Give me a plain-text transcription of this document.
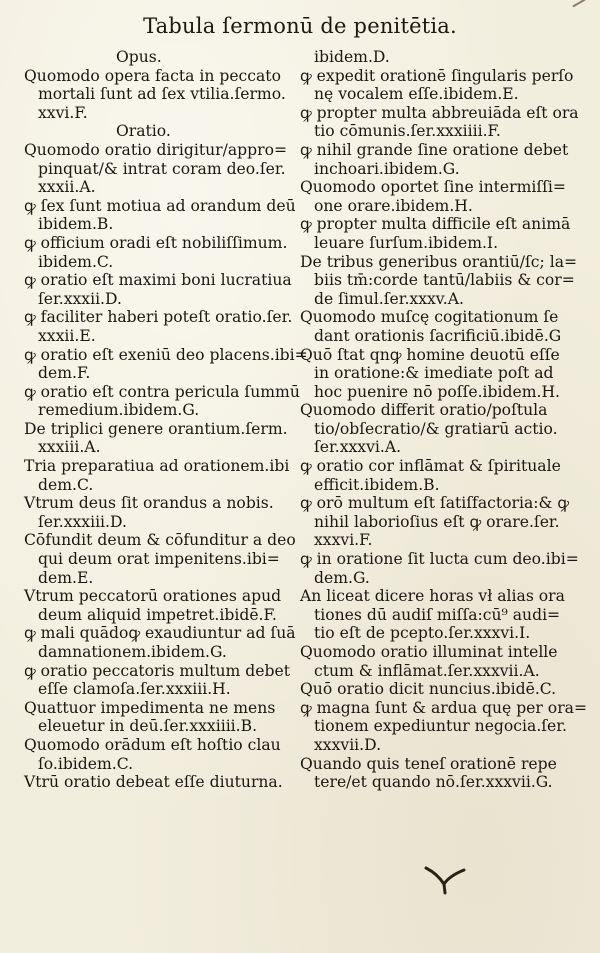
Tabula ſermonū de penitētia.
Opus.
Quomodo opera facta in peccato
mortali ſunt ad ſex vtilia.ſermo.
xxvi.F.
Oratio.
Quomodo oratio dirigitur/appro=
pinquat/& intrat coram deo.ſer.
xxxii.A.
ꝙ ſex ſunt motiua ad orandum deū
ibidem.B.
ꝙ officium oradi eſt nobiliſſimum.
ibidem.C.
ꝙ oratio eſt maximi boni lucratiua
ſer.xxxii.D.
ꝙ faciliter haberi poteſt oratio.ſer.
xxxii.E.
ꝙ oratio eſt exeniū deo placens.ibi=
dem.F.
ꝙ oratio eſt contra pericula ſummū
remedium.ibidem.G.
De triplici genere orantium.ſerm.
xxxiii.A.
Tria preparatiua ad orationem.ibi
dem.C.
Vtrum deus ſit orandus a nobis.
ſer.xxxiii.D.
Cōfundit deum & cōfunditur a deo
qui deum orat impenitens.ibi=
dem.E.
Vtrum peccatorū orationes apud
deum aliquid impetret.ibidē.F.
ꝙ mali quādoꝙ exaudiuntur ad ſuā
damnationem.ibidem.G.
ꝙ oratio peccatoris multum debet
eſſe clamoſa.ſer.xxxiii.H.
Quattuor impedimenta ne mens
eleuetur in deū.ſer.xxxiiii.B.
Quomodo orādum eſt hoſtio clau
ſo.ibidem.C.
Vtrū oratio debeat eſſe diuturna.
ibidem.D.
ꝙ expedit orationē ſingularis perſo
nę vocalem eſſe.ibidem.E.
ꝙ propter multa abbreuiāda eſt ora
tio cōmunis.ſer.xxxiiii.F.
ꝙ nihil grande ſine oratione debet
inchoari.ibidem.G.
Quomodo oportet ſine intermiſſi=
one orare.ibidem.H.
ꝙ propter multa difficile eſt animā
leuare ſurſum.ibidem.I.
De tribus generibus orantiū/ſc; la=
biis tm̄:corde tantū/labiis & cor=
de ſimul.ſer.xxxv.A.
Quomodo muſcę cogitationum ſe
dant orationis ſacrificiū.ibidē.G
Quō ſtat qnꝙ homine deuotū eſſe
in oratione:& imediate poſt ad
hoc puenire nō poſſe.ibidem.H.
Quomodo differit oratio/poſtula
tio/obſecratio/& gratiarū actio.
ſer.xxxvi.A.
ꝙ oratio cor inflāmat & ſpirituale
efficit.ibidem.B.
ꝙ orō multum eſt ſatiſfactoria:& ꝙ
nihil laborioſius eſt ꝙ orare.ſer.
xxxvi.F.
ꝙ in oratione ſit lucta cum deo.ibi=
dem.G.
An liceat dicere horas vł alias ora
tiones dū audiſ miſſa:cū⁹ audi=
tio eſt de pcepto.ſer.xxxvi.I.
Quomodo oratio illuminat intelle
ctum & inflāmat.ſer.xxxvii.A.
Quō oratio dicit nuncius.ibidē.C.
ꝙ magna ſunt & ardua quę per ora=
tionem expediuntur negocia.ſer.
xxxvii.D.
Quando quis teneſ orationē repe
tere/et quando nō.ſer.xxxvii.G.
